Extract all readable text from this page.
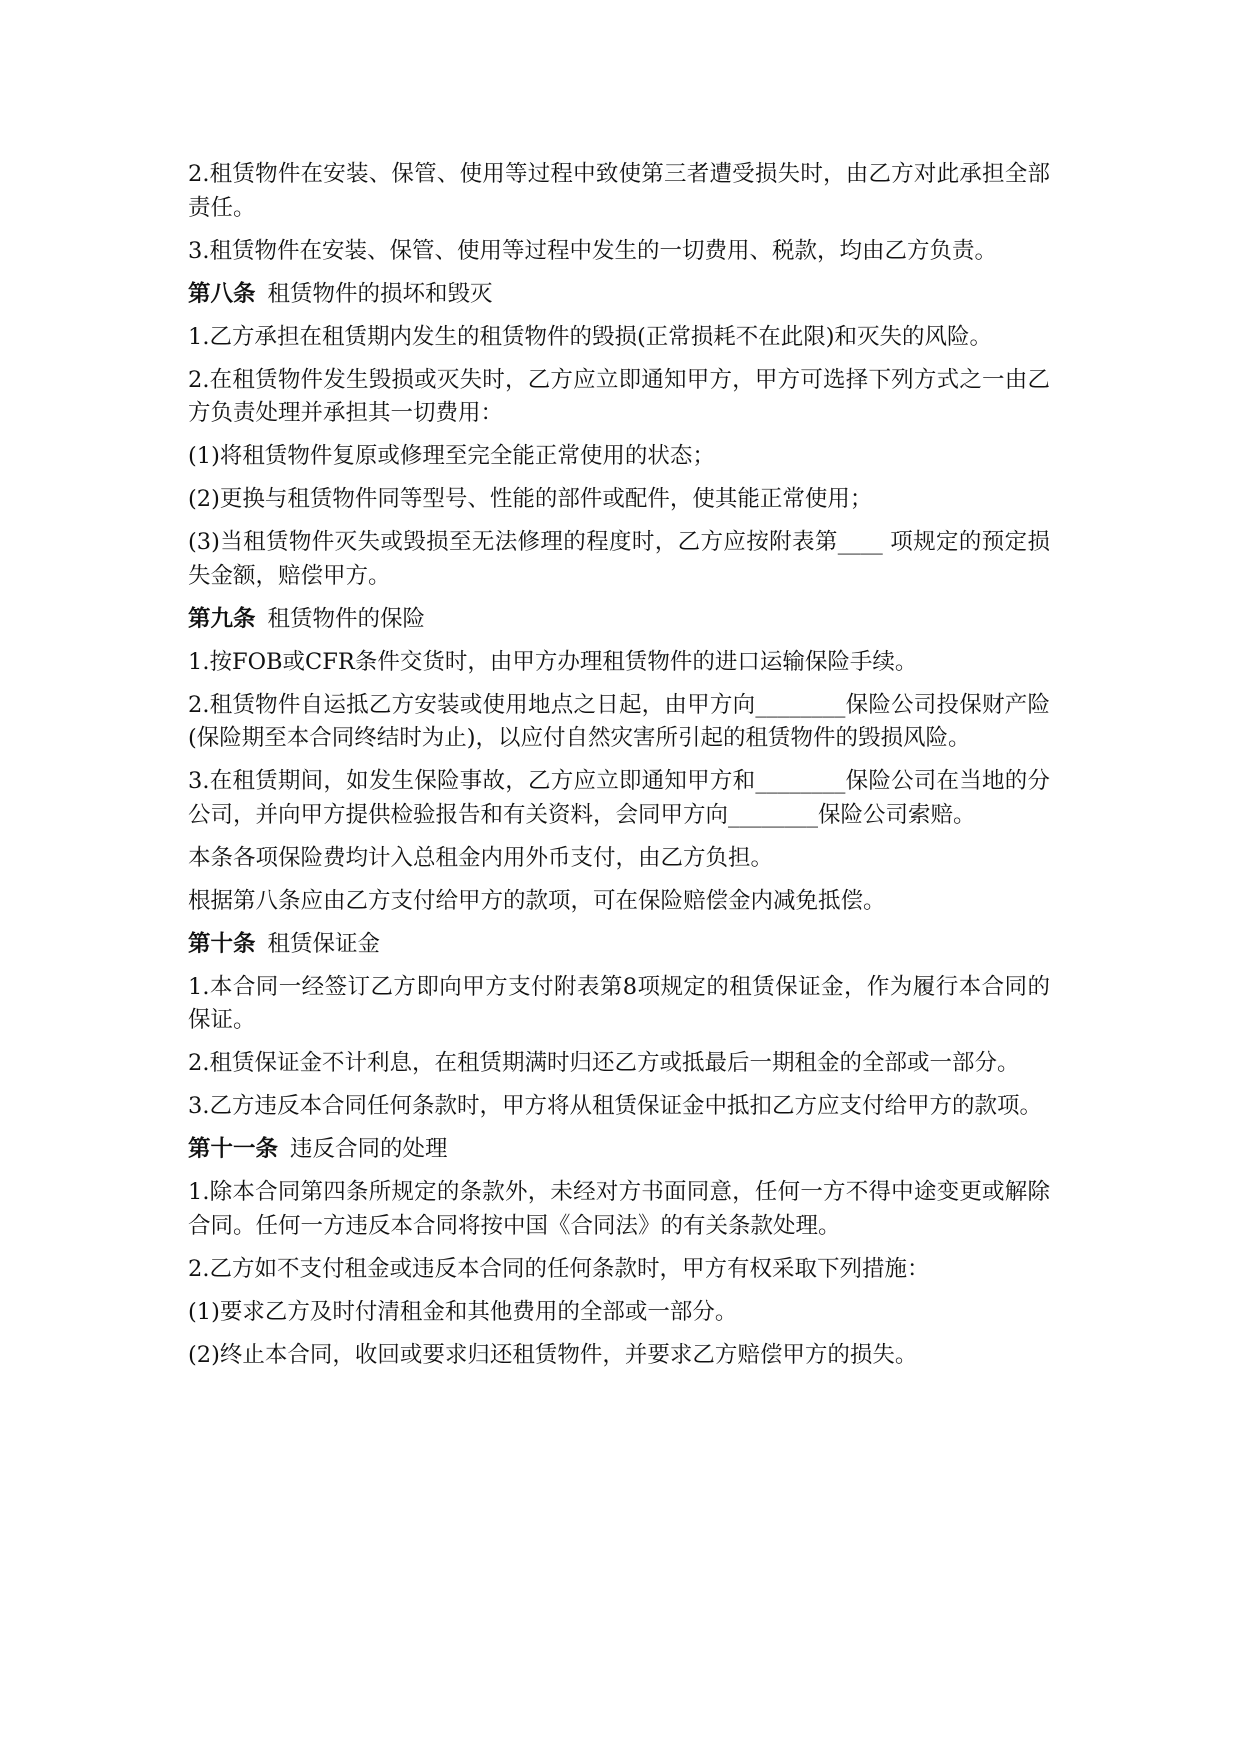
2.租赁物件在安装、保管、使用等过程中致使第三者遭受损失时，由乙方对此承担全部责任。

3.租赁物件在安装、保管、使用等过程中发生的一切费用、税款，均由乙方负责。

第八条 租赁物件的损坏和毁灭

1.乙方承担在租赁期内发生的租赁物件的毁损(正常损耗不在此限)和灭失的风险。

2.在租赁物件发生毁损或灭失时，乙方应立即通知甲方，甲方可选择下列方式之一由乙方负责处理并承担其一切费用：

(1)将租赁物件复原或修理至完全能正常使用的状态；

(2)更换与租赁物件同等型号、性能的部件或配件，使其能正常使用；

(3)当租赁物件灭失或毁损至无法修理的程度时，乙方应按附表第____ 项规定的预定损失金额，赔偿甲方。

第九条 租赁物件的保险

1.按FOB或CFR条件交货时，由甲方办理租赁物件的进口运输保险手续。

2.租赁物件自运抵乙方安装或使用地点之日起，由甲方向________保险公司投保财产险(保险期至本合同终结时为止)，以应付自然灾害所引起的租赁物件的毁损风险。

3.在租赁期间，如发生保险事故，乙方应立即通知甲方和________保险公司在当地的分公司，并向甲方提供检验报告和有关资料，会同甲方向________保险公司索赔。

本条各项保险费均计入总租金内用外币支付，由乙方负担。

根据第八条应由乙方支付给甲方的款项，可在保险赔偿金内减免抵偿。

第十条 租赁保证金

1.本合同一经签订乙方即向甲方支付附表第8项规定的租赁保证金，作为履行本合同的保证。

2.租赁保证金不计利息，在租赁期满时归还乙方或抵最后一期租金的全部或一部分。

3.乙方违反本合同任何条款时，甲方将从租赁保证金中抵扣乙方应支付给甲方的款项。

第十一条 违反合同的处理

1.除本合同第四条所规定的条款外，未经对方书面同意，任何一方不得中途变更或解除合同。任何一方违反本合同将按中国《合同法》的有关条款处理。

2.乙方如不支付租金或违反本合同的任何条款时，甲方有权采取下列措施：

(1)要求乙方及时付清租金和其他费用的全部或一部分。

(2)终止本合同，收回或要求归还租赁物件，并要求乙方赔偿甲方的损失。
